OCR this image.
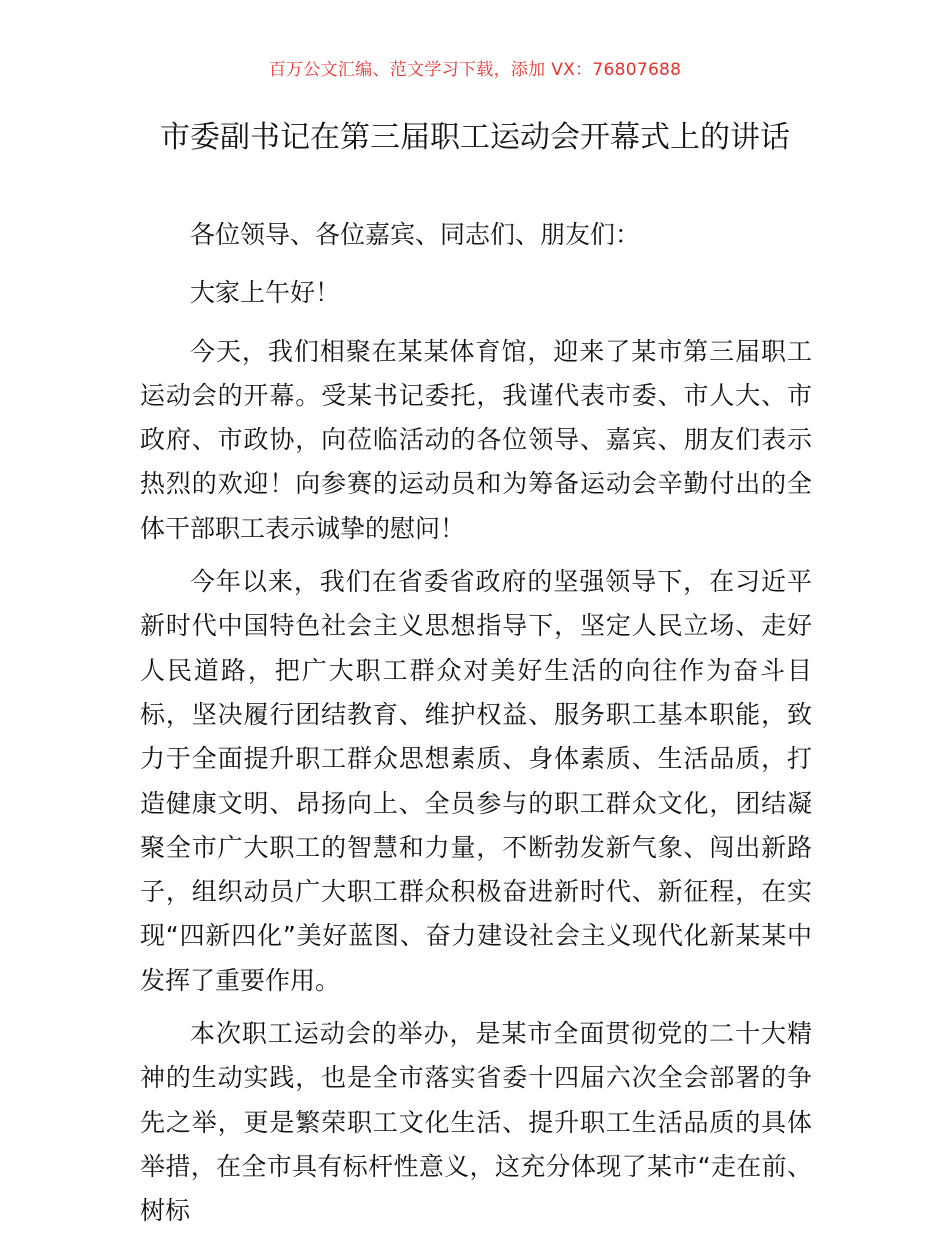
百万公文汇编、范文学习下载，添加 VX：76807688
市委副书记在第三届职工运动会开幕式上的讲话

各位领导、各位嘉宾、同志们、朋友们：

大家上午好！

今天，我们相聚在某某体育馆，迎来了某市第三届职工运动会的开幕。受某书记委托，我谨代表市委、市人大、市政府、市政协，向莅临活动的各位领导、嘉宾、朋友们表示热烈的欢迎！向参赛的运动员和为筹备运动会辛勤付出的全体干部职工表示诚挚的慰问！

今年以来，我们在省委省政府的坚强领导下，在习近平新时代中国特色社会主义思想指导下，坚定人民立场、走好人民道路，把广大职工群众对美好生活的向往作为奋斗目标，坚决履行团结教育、维护权益、服务职工基本职能，致力于全面提升职工群众思想素质、身体素质、生活品质，打造健康文明、昂扬向上、全员参与的职工群众文化，团结凝聚全市广大职工的智慧和力量，不断勃发新气象、闯出新路子，组织动员广大职工群众积极奋进新时代、新征程，在实现“四新四化”美好蓝图、奋力建设社会主义现代化新某某中发挥了重要作用。

本次职工运动会的举办，是某市全面贯彻党的二十大精神的生动实践，也是全市落实省委十四届六次全会部署的争先之举，更是繁荣职工文化生活、提升职工生活品质的具体举措，在全市具有标杆性意义，这充分体现了某市“走在前、树标
